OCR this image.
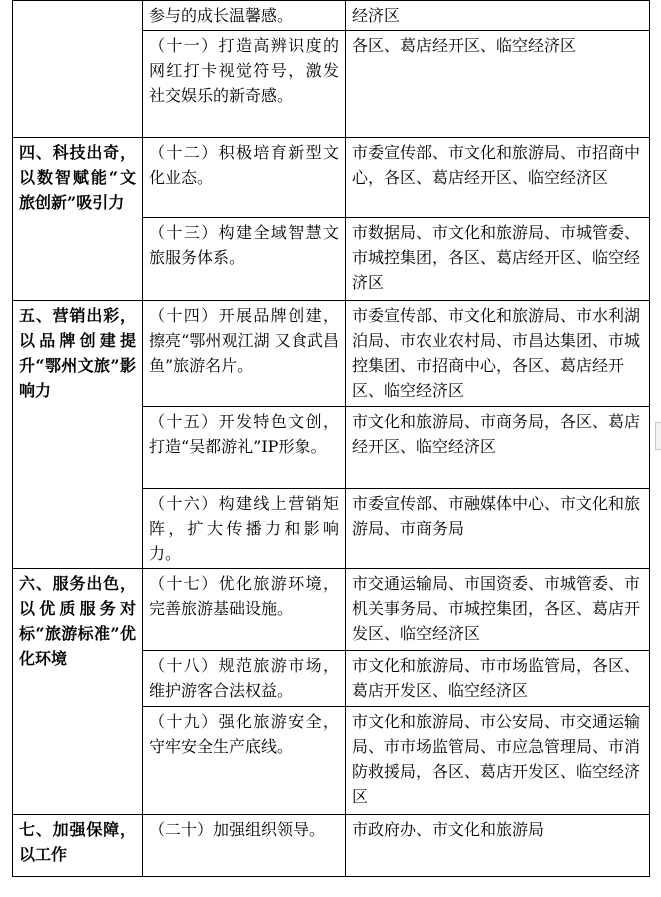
	参与的成长温馨感。	经济区
	（十一）打造高辨识度的网红打卡视觉符号，激发社交娱乐的新奇感。	各区、葛店经开区、临空经济区
四、科技出奇，以数智赋能“文旅创新”吸引力	（十二）积极培育新型文化业态。	市委宣传部、市文化和旅游局、市招商中心，各区、葛店经开区、临空经济区
	（十三）构建全域智慧文旅服务体系。	市数据局、市文化和旅游局、市城管委、市城控集团，各区、葛店经开区、临空经济区
五、营销出彩，以品牌创建提升“鄂州文旅”影响力	（十四）开展品牌创建，擦亮“鄂州观江湖 又食武昌鱼”旅游名片。	市委宣传部、市文化和旅游局、市水利湖泊局、市农业农村局、市昌达集团、市城控集团、市招商中心，各区、葛店经开区、临空经济区
	（十五）开发特色文创，打造“吴都游礼”IP形象。	市文化和旅游局、市商务局，各区、葛店经开区、临空经济区
	（十六）构建线上营销矩阵，扩大传播力和影响力。	市委宣传部、市融媒体中心、市文化和旅游局、市商务局
六、服务出色，以优质服务对标“旅游标准”优化环境	（十七）优化旅游环境，完善旅游基础设施。	市交通运输局、市国资委、市城管委、市机关事务局、市城控集团，各区、葛店开发区、临空经济区
	（十八）规范旅游市场，维护游客合法权益。	市文化和旅游局、市市场监管局，各区、葛店开发区、临空经济区
	（十九）强化旅游安全，守牢安全生产底线。	市文化和旅游局、市公安局、市交通运输局、市市场监管局、市应急管理局、市消防救援局，各区、葛店开发区、临空经济区
七、加强保障，以工作	（二十）加强组织领导。	市政府办、市文化和旅游局
